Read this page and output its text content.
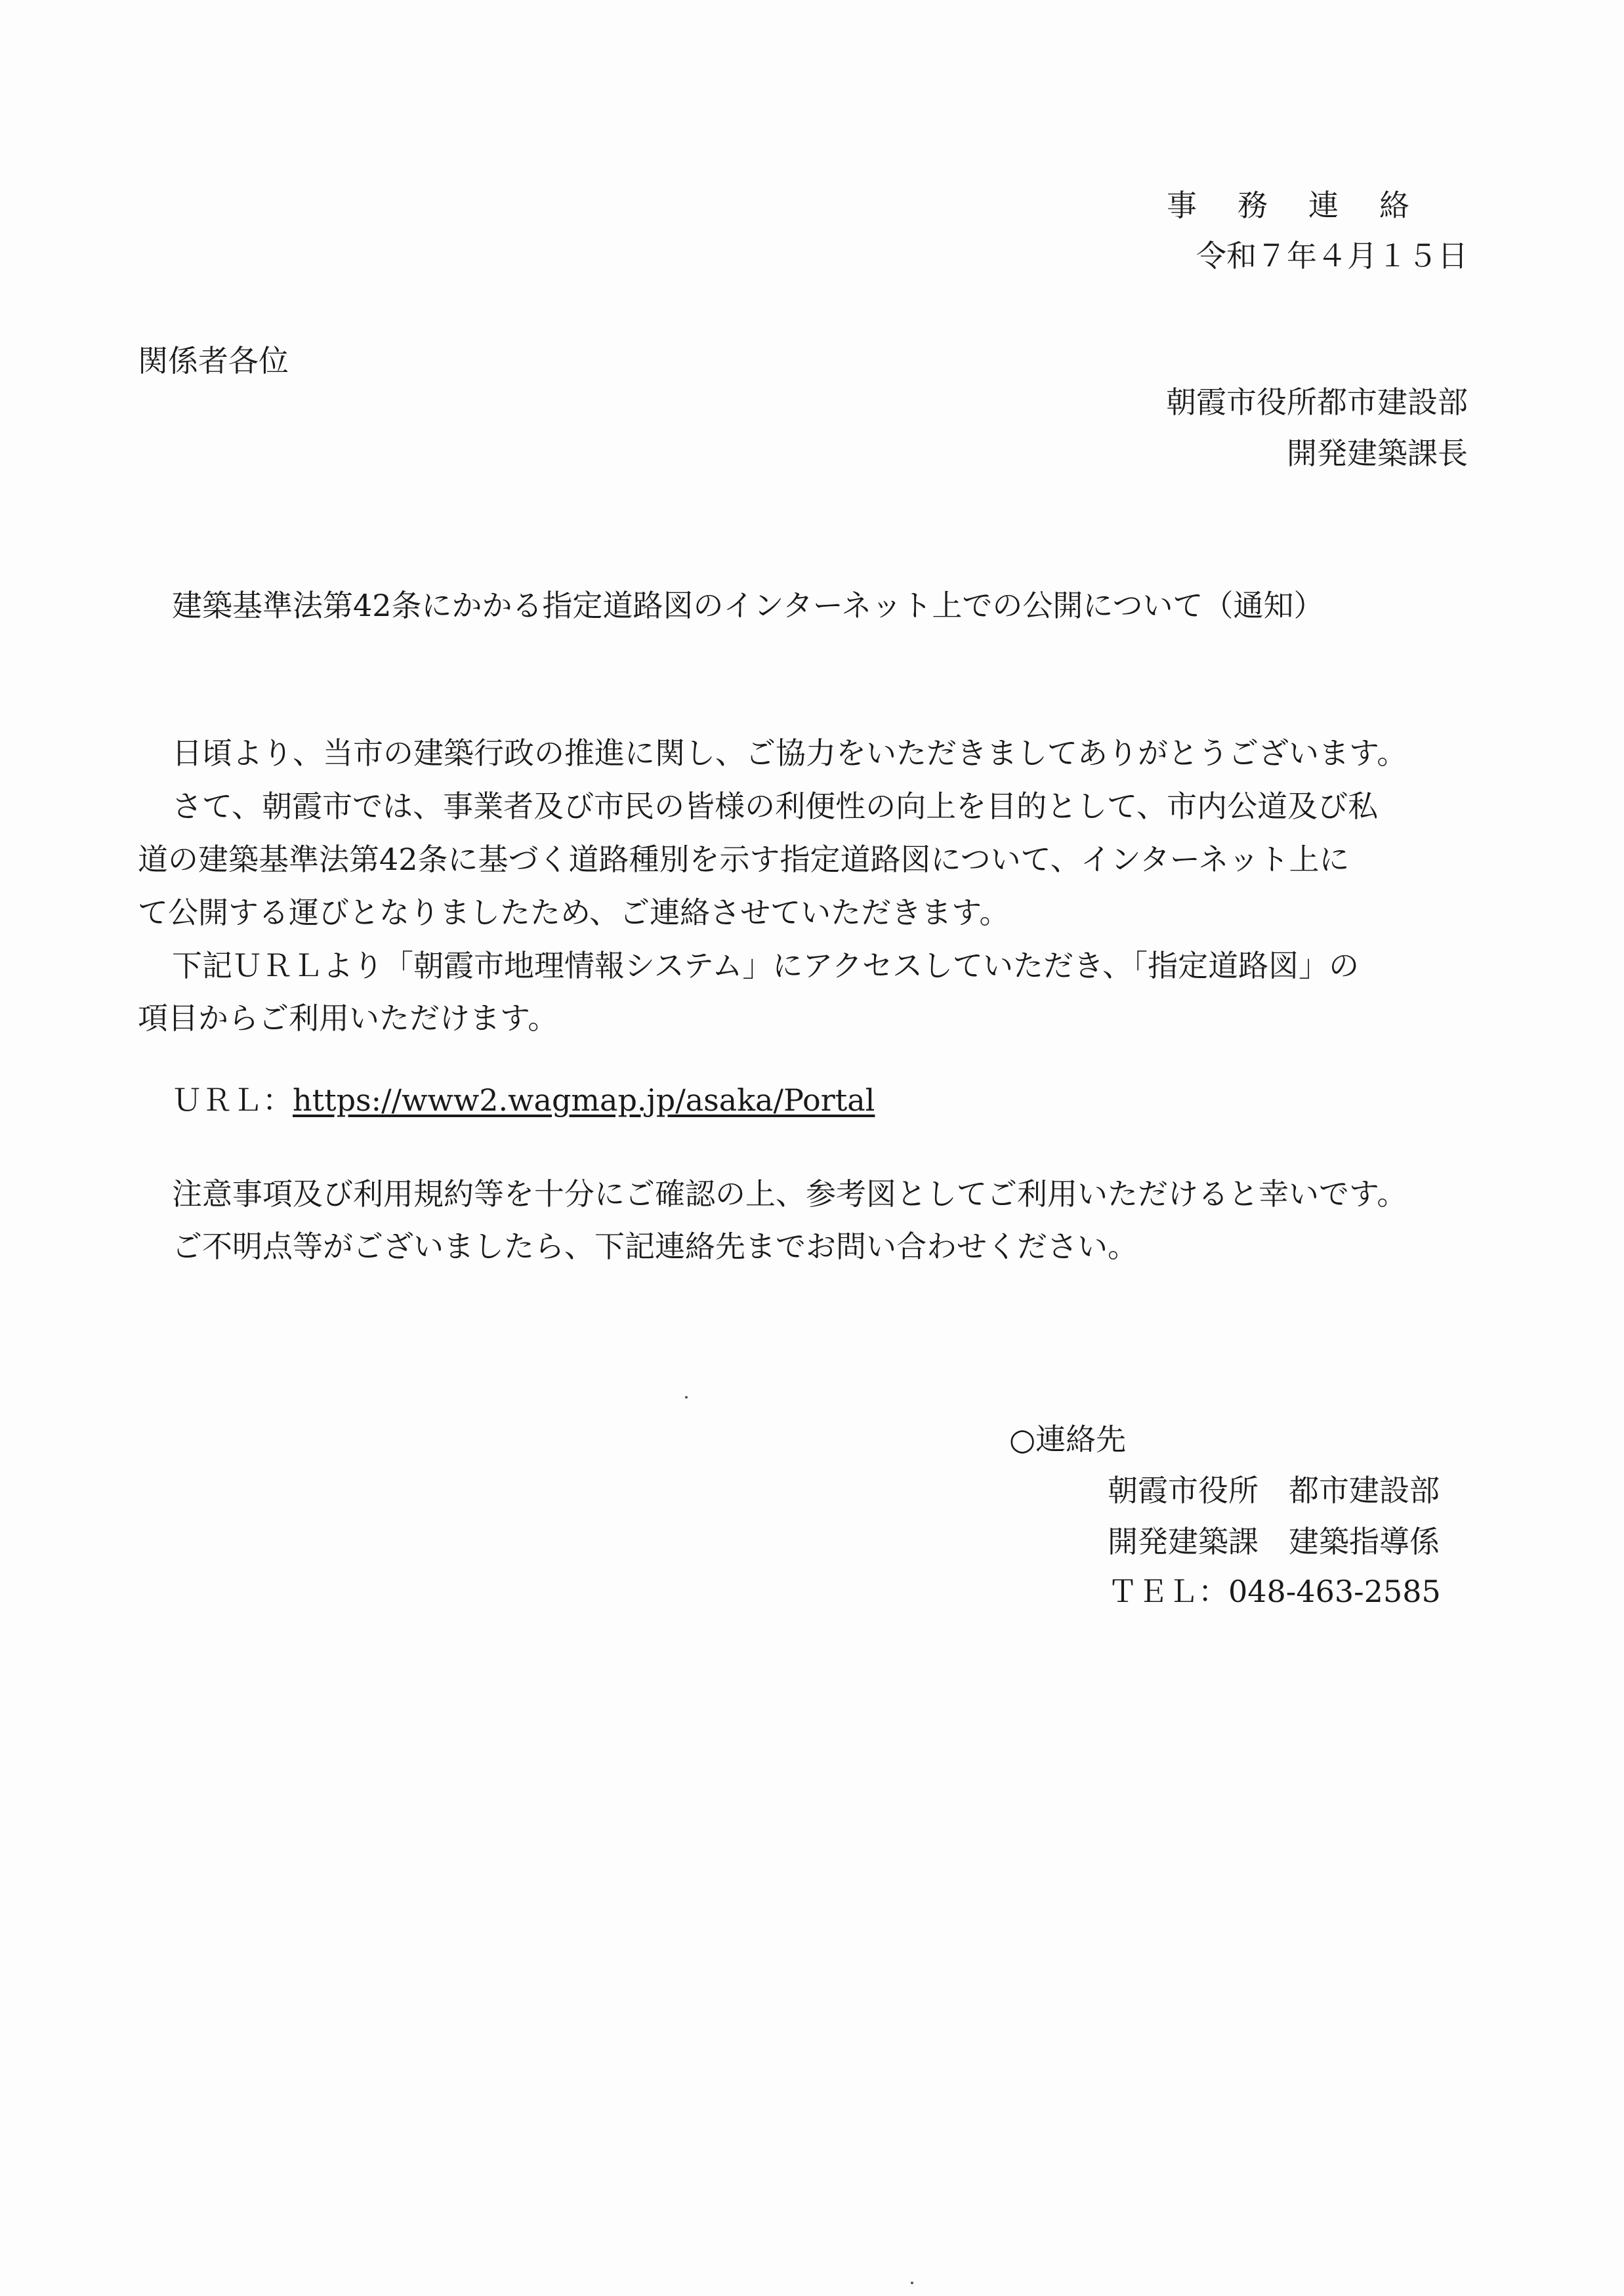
事務連絡
令和７年４月１５日
関係者各位
朝霞市役所都市建設部
開発建築課長
建築基準法第42条にかかる指定道路図のインターネット上での公開について（通知）
日頃より、当市の建築行政の推進に関し、ご協力をいただきましてありがとうございます。
さて、朝霞市では、事業者及び市民の皆様の利便性の向上を目的として、市内公道及び私
道の建築基準法第42条に基づく道路種別を示す指定道路図について、インターネット上に
て公開する運びとなりましたため、ご連絡させていただきます。
下記ＵＲＬより「朝霞市地理情報システム」にアクセスしていただき、「指定道路図」の
項目からご利用いただけます。
ＵＲＬ：https://www2.wagmap.jp/asaka/Portal
注意事項及び利用規約等を十分にご確認の上、参考図としてご利用いただけると幸いです。
ご不明点等がございましたら、下記連絡先までお問い合わせください。
○連絡先
朝霞市役所　都市建設部
開発建築課　建築指導係
ＴＥＬ：048-463-2585
